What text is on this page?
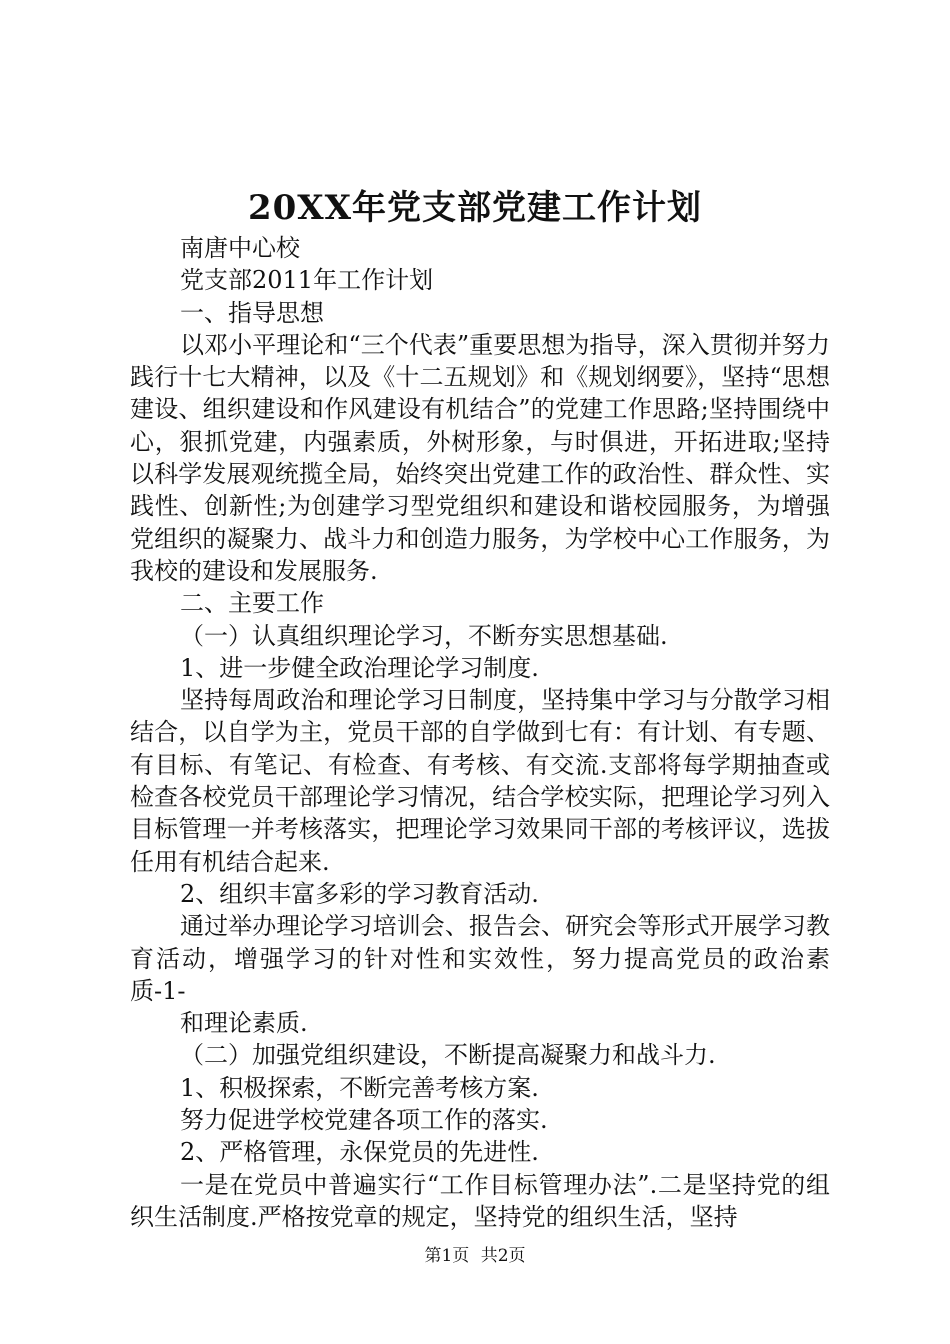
20XX年党支部党建工作计划

南唐中心校

党支部2011年工作计划

一、指导思想

以邓小平理论和“三个代表”重要思想为指导，深入贯彻并努力践行十七大精神，以及《十二五规划》和《规划纲要》，坚持“思想建设、组织建设和作风建设有机结合”的党建工作思路;坚持围绕中心，狠抓党建，内强素质，外树形象，与时俱进，开拓进取;坚持以科学发展观统揽全局，始终突出党建工作的政治性、群众性、实践性、创新性;为创建学习型党组织和建设和谐校园服务，为增强党组织的凝聚力、战斗力和创造力服务，为学校中心工作服务，为我校的建设和发展服务.

二、主要工作

（一）认真组织理论学习，不断夯实思想基础.

1、进一步健全政治理论学习制度.

坚持每周政治和理论学习日制度，坚持集中学习与分散学习相结合，以自学为主，党员干部的自学做到七有：有计划、有专题、有目标、有笔记、有检查、有考核、有交流.支部将每学期抽查或检查各校党员干部理论学习情况，结合学校实际，把理论学习列入目标管理一并考核落实，把理论学习效果同干部的考核评议，选拔任用有机结合起来.

2、组织丰富多彩的学习教育活动.

通过举办理论学习培训会、报告会、研究会等形式开展学习教育活动，增强学习的针对性和实效性，努力提高党员的政治素质-1-

和理论素质.

（二）加强党组织建设，不断提高凝聚力和战斗力.

1、积极探索，不断完善考核方案.

努力促进学校党建各项工作的落实.

2、严格管理，永保党员的先进性.

一是在党员中普遍实行“工作目标管理办法”.二是坚持党的组织生活制度.严格按党章的规定，坚持党的组织生活，坚持

第1页 共2页
